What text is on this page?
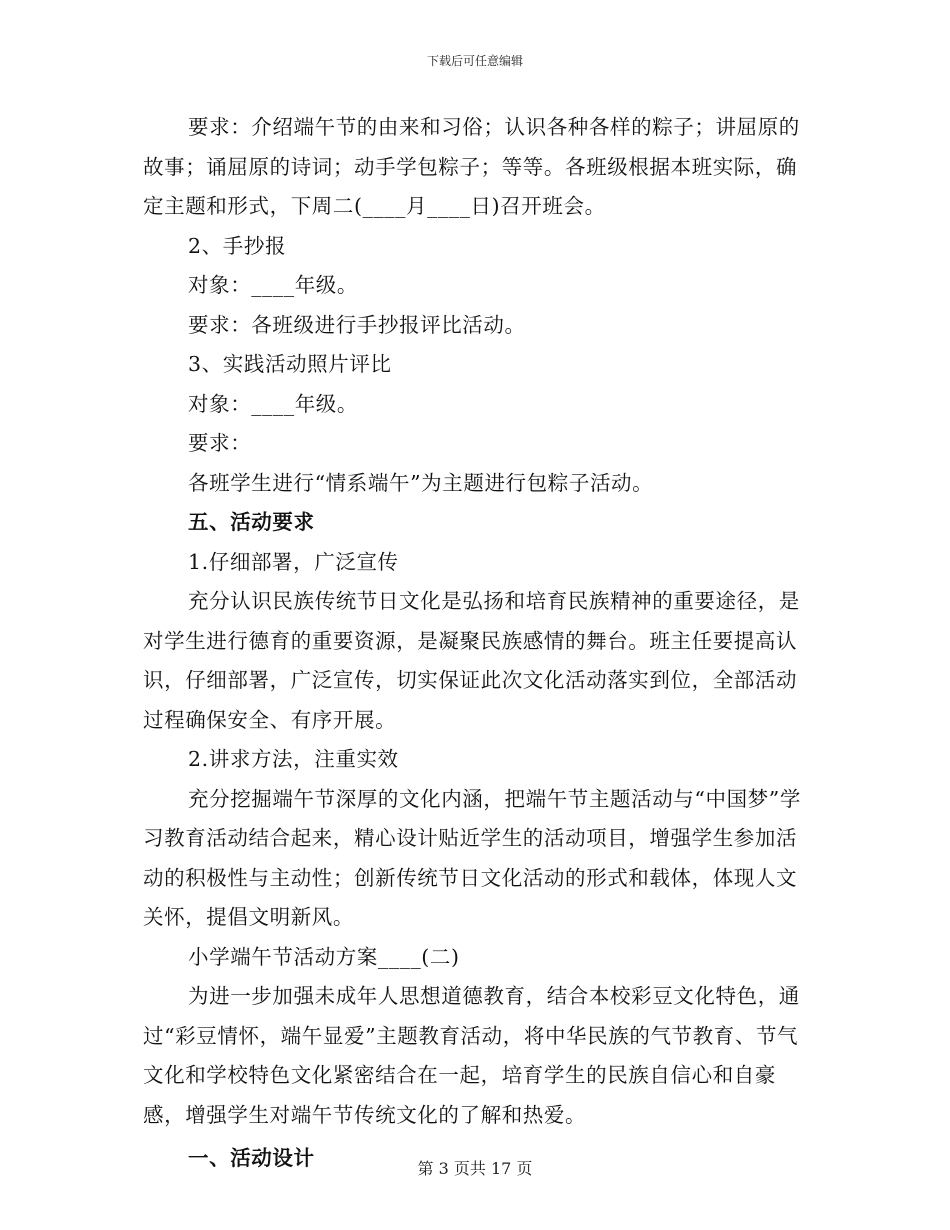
下载后可任意编辑

要求：介绍端午节的由来和习俗；认识各种各样的粽子；讲屈原的故事；诵屈原的诗词；动手学包粽子；等等。各班级根据本班实际，确定主题和形式，下周二(____月____日)召开班会。

2、手抄报

对象：____年级。

要求：各班级进行手抄报评比活动。

3、实践活动照片评比

对象：____年级。

要求：

各班学生进行“情系端午”为主题进行包粽子活动。

五、活动要求

1.仔细部署，广泛宣传

充分认识民族传统节日文化是弘扬和培育民族精神的重要途径，是对学生进行德育的重要资源，是凝聚民族感情的舞台。班主任要提高认识，仔细部署，广泛宣传，切实保证此次文化活动落实到位，全部活动过程确保安全、有序开展。

2.讲求方法，注重实效

充分挖掘端午节深厚的文化内涵，把端午节主题活动与“中国梦”学习教育活动结合起来，精心设计贴近学生的活动项目，增强学生参加活动的积极性与主动性；创新传统节日文化活动的形式和载体，体现人文关怀，提倡文明新风。

小学端午节活动方案____(二)

为进一步加强未成年人思想道德教育，结合本校彩豆文化特色，通过“彩豆情怀，端午显爱”主题教育活动，将中华民族的气节教育、节气文化和学校特色文化紧密结合在一起，培育学生的民族自信心和自豪感，增强学生对端午节传统文化的了解和热爱。

一、活动设计	第 3 页共 17 页
